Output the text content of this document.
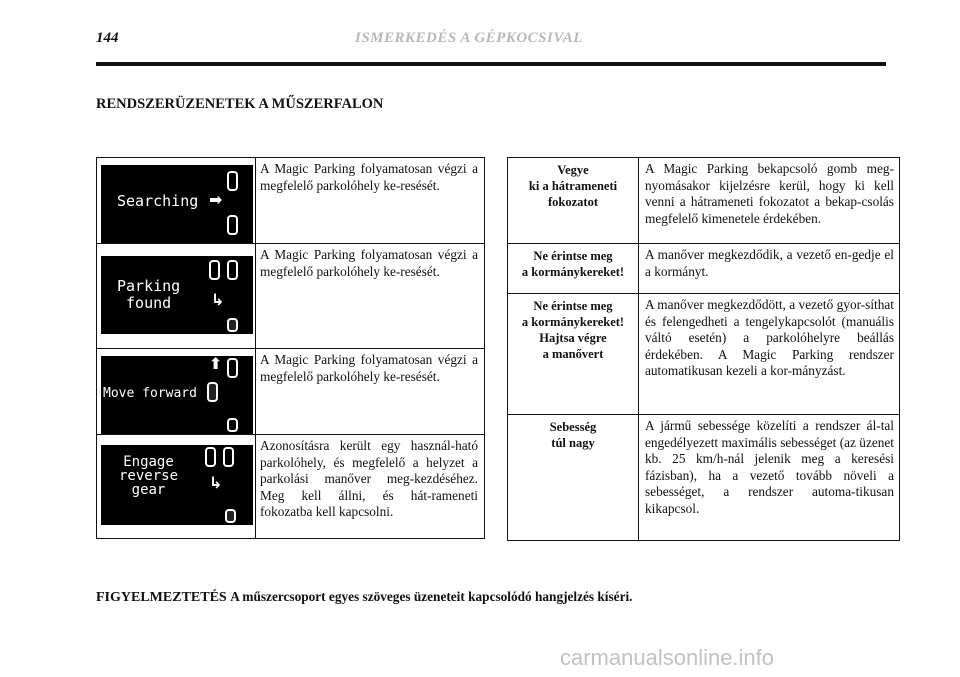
144	ISMERKEDÉS A GÉPKOCSIVAL
RENDSZERÜZENETEK A MŰSZERFALON
Searching ➡	A Magic Parking folyamatosan végzi a megfelelő parkolóhely ke-resését.

Parking
found ↳	A Magic Parking folyamatosan végzi a megfelelő parkolóhely ke-resését.

Move forward
⬆	A Magic Parking folyamatosan végzi a megfelelő parkolóhely ke-resését.

Engage
reverse
gear ↳	Azonosításra került egy használ-ható parkolóhely, és megfelelő a helyzet a parkolási manőver meg-kezdéséhez. Meg kell állni, és hát-rameneti fokozatba kell kapcsolni.
Vegye
ki a hátrameneti
fokozatot	A Magic Parking bekapcsoló gomb meg-nyomásakor kijelzésre kerül, hogy ki kell venni a hátrameneti fokozatot a bekap-csolás megfelelő kimenetele érdekében.
Ne érintse meg
a kormánykereket!	A manőver megkezdődik, a vezető en-gedje el a kormányt.
Ne érintse meg
a kormánykereket!
Hajtsa végre
a manővert	A manőver megkezdődött, a vezető gyor-síthat és felengedheti a tengelykapcsolót (manuális váltó esetén) a parkolóhelyre beállás érdekében. A Magic Parking rendszer automatikusan kezeli a kor-mányzást.
Sebesség
túl nagy	A jármű sebessége közelíti a rendszer ál-tal engedélyezett maximális sebességet (az üzenet kb. 25 km/h-nál jelenik meg a keresési fázisban), ha a vezető tovább növeli a sebességet, a rendszer automa-tikusan kikapcsol.
FIGYELMEZTETÉS A műszercsoport egyes szöveges üzeneteit kapcsolódó hangjelzés kíséri.
carmanualsonline.info
